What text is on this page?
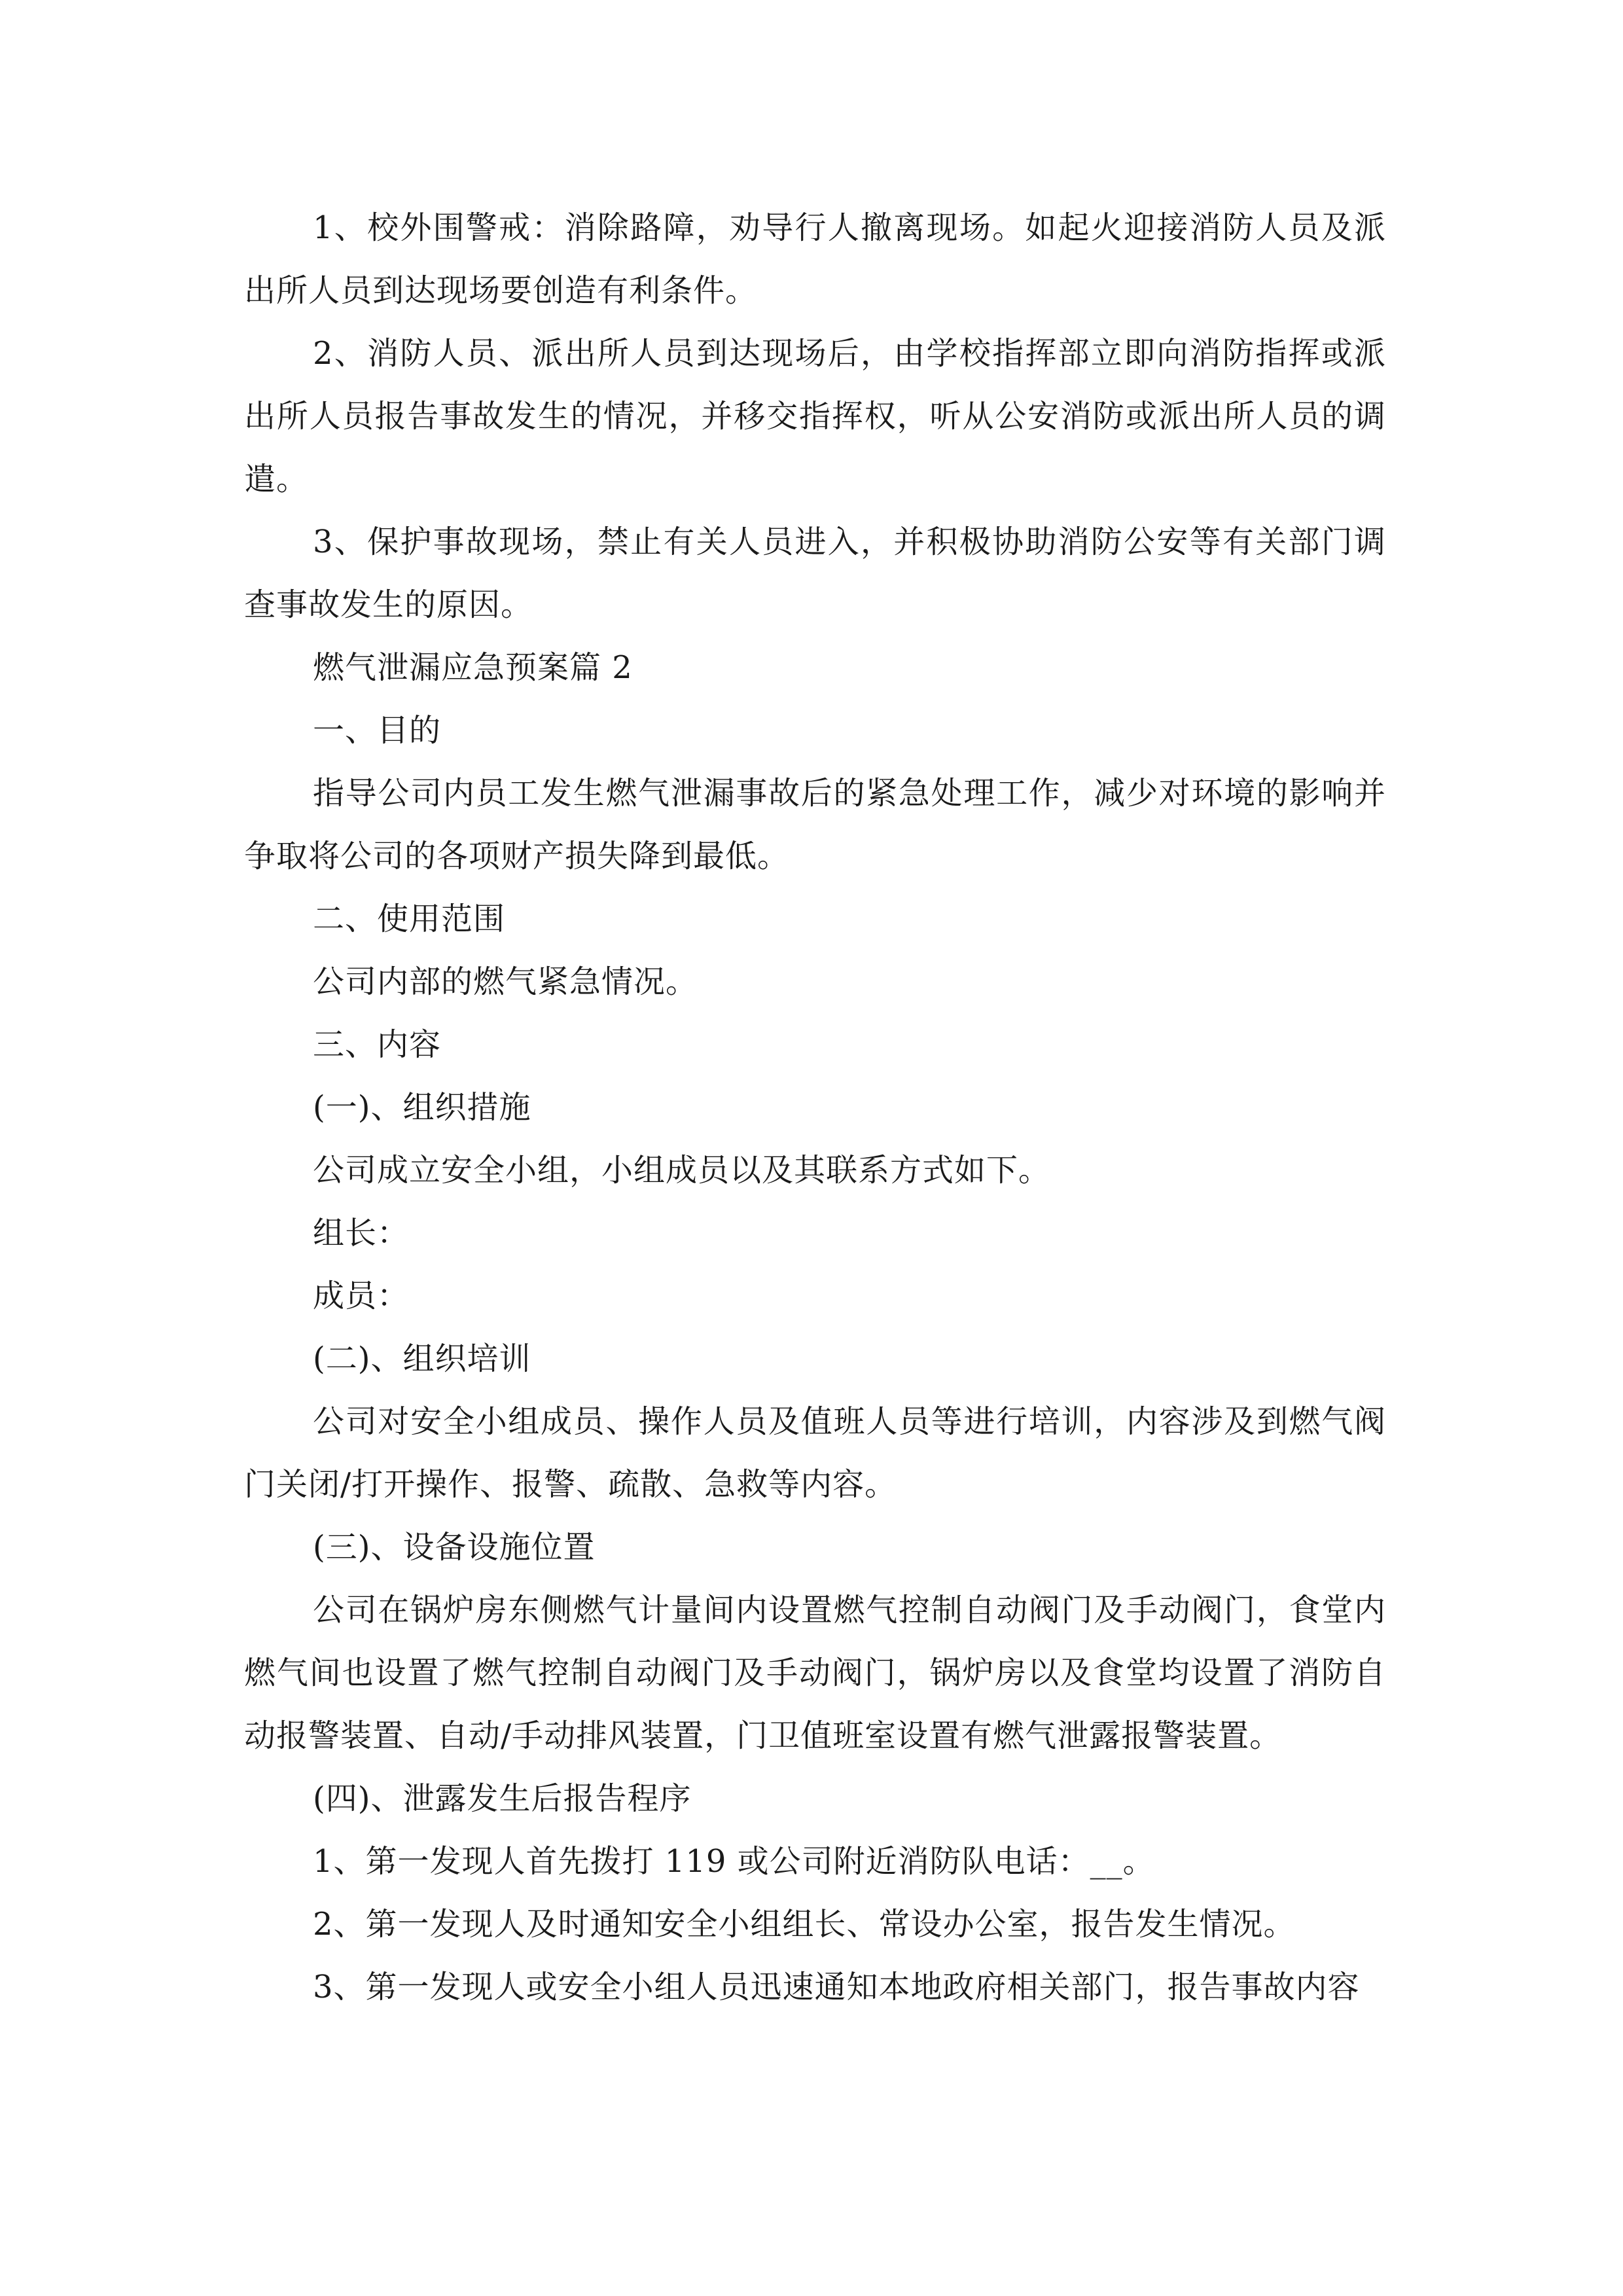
1、校外围警戒：消除路障，劝导行人撤离现场。如起火迎接消防人员及派出所人员到达现场要创造有利条件。

2、消防人员、派出所人员到达现场后，由学校指挥部立即向消防指挥或派出所人员报告事故发生的情况，并移交指挥权，听从公安消防或派出所人员的调遣。

3、保护事故现场，禁止有关人员进入，并积极协助消防公安等有关部门调查事故发生的原因。

燃气泄漏应急预案篇 2

一、目的

指导公司内员工发生燃气泄漏事故后的紧急处理工作，减少对环境的影响并争取将公司的各项财产损失降到最低。

二、使用范围

公司内部的燃气紧急情况。

三、内容

(一)、组织措施

公司成立安全小组，小组成员以及其联系方式如下。

组长：

成员：

(二)、组织培训

公司对安全小组成员、操作人员及值班人员等进行培训，内容涉及到燃气阀门关闭/打开操作、报警、疏散、急救等内容。

(三)、设备设施位置

公司在锅炉房东侧燃气计量间内设置燃气控制自动阀门及手动阀门，食堂内燃气间也设置了燃气控制自动阀门及手动阀门，锅炉房以及食堂均设置了消防自动报警装置、自动/手动排风装置，门卫值班室设置有燃气泄露报警装置。

(四)、泄露发生后报告程序

1、第一发现人首先拨打 119 或公司附近消防队电话：__。

2、第一发现人及时通知安全小组组长、常设办公室，报告发生情况。

3、第一发现人或安全小组人员迅速通知本地政府相关部门，报告事故内容
